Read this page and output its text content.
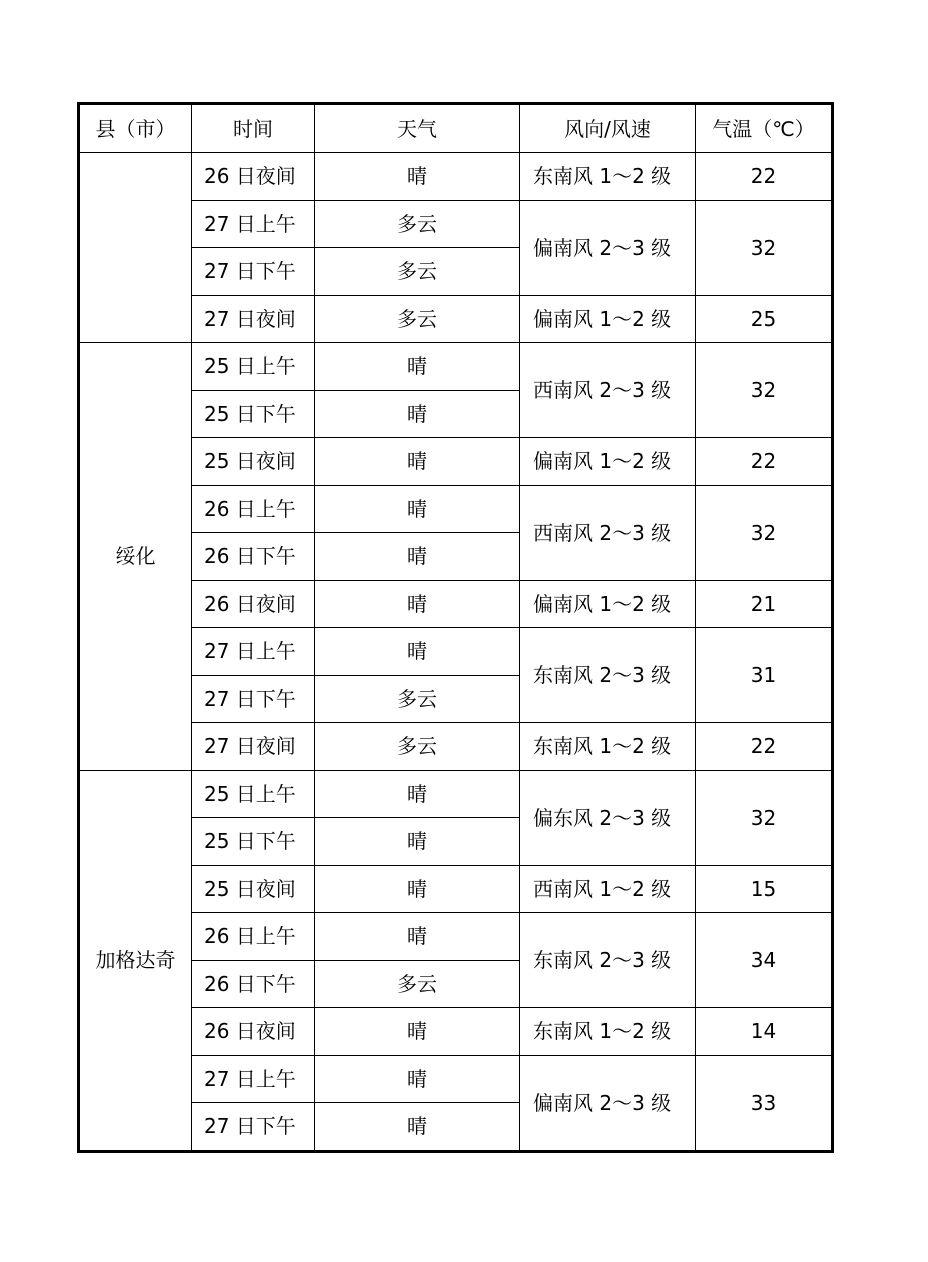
县（市）	时间	天气	风向/风速	气温（℃）
	26 日夜间	晴	东南风 1～2 级	22
	27 日上午	多云	偏南风 2～3 级	32
	27 日下午	多云		
	27 日夜间	多云	偏南风 1～2 级	25
绥化	25 日上午	晴	西南风 2～3 级	32
	25 日下午	晴		
	25 日夜间	晴	偏南风 1～2 级	22
	26 日上午	晴	西南风 2～3 级	32
	26 日下午	晴		
	26 日夜间	晴	偏南风 1～2 级	21
	27 日上午	晴	东南风 2～3 级	31
	27 日下午	多云		
	27 日夜间	多云	东南风 1～2 级	22
加格达奇	25 日上午	晴	偏东风 2～3 级	32
	25 日下午	晴		
	25 日夜间	晴	西南风 1～2 级	15
	26 日上午	晴	东南风 2～3 级	34
	26 日下午	多云		
	26 日夜间	晴	东南风 1～2 级	14
	27 日上午	晴	偏南风 2～3 级	33
	27 日下午	晴		
